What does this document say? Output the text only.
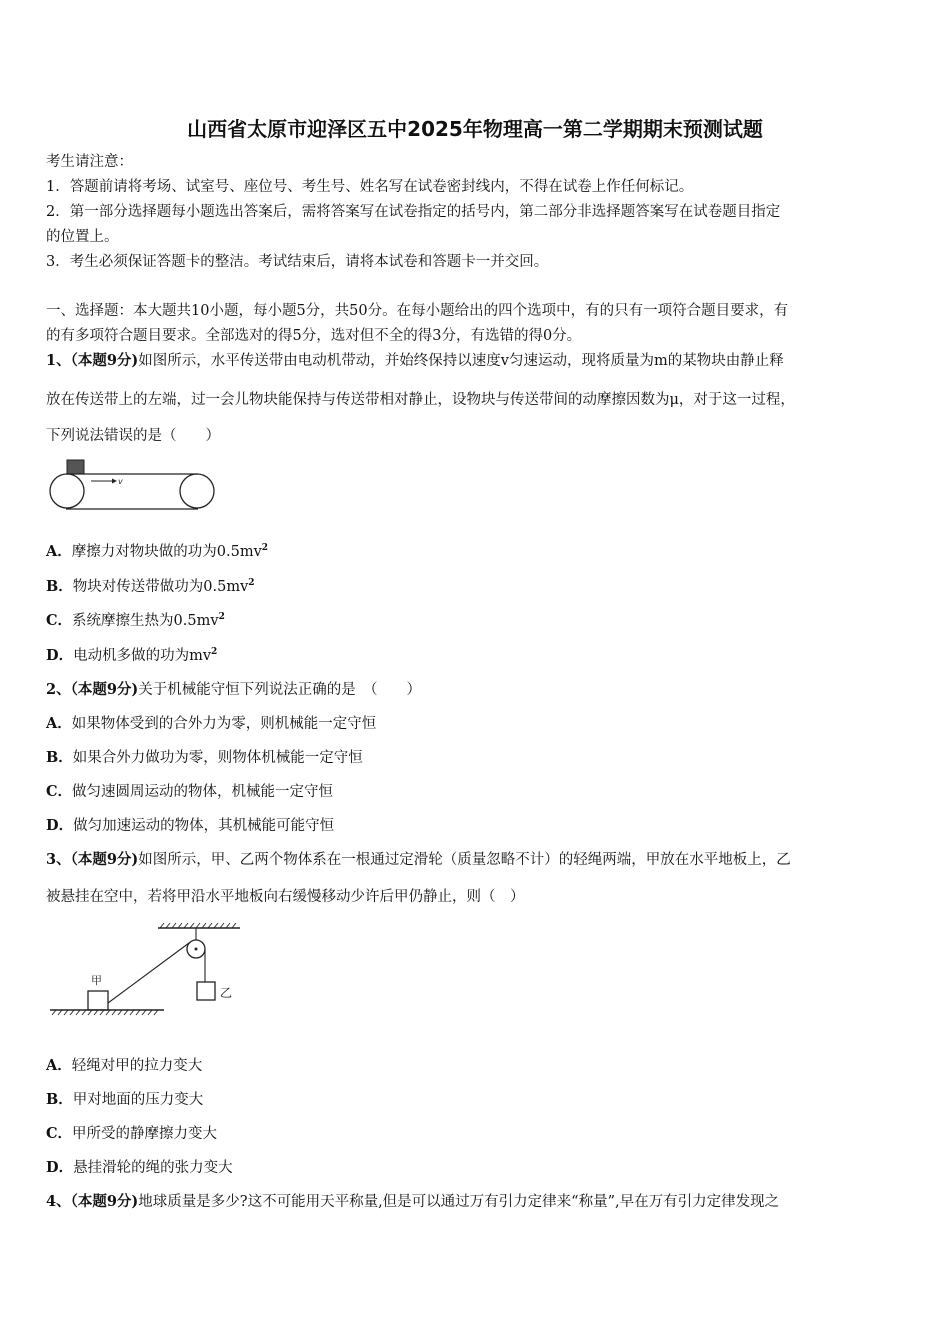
山西省太原市迎泽区五中2025年物理高一第二学期期末预测试题
考生请注意：
1．答题前请将考场、试室号、座位号、考生号、姓名写在试卷密封线内，不得在试卷上作任何标记。
2．第一部分选择题每小题选出答案后，需将答案写在试卷指定的括号内，第二部分非选择题答案写在试卷题目指定
的位置上。
3．考生必须保证答题卡的整洁。考试结束后，请将本试卷和答题卡一并交回。
一、选择题：本大题共10小题，每小题5分，共50分。在每小题给出的四个选项中，有的只有一项符合题目要求，有
的有多项符合题目要求。全部选对的得5分，选对但不全的得3分，有选错的得0分。
1、（本题9分)如图所示，水平传送带由电动机带动，并始终保持以速度v匀速运动，现将质量为m的某物块由静止释
放在传送带上的左端，过一会儿物块能保持与传送带相对静止，设物块与传送带间的动摩擦因数为μ，对于这一过程，
下列说法错误的是（　　）
v
A．摩擦力对物块做的功为$0.5mv^2$
B．物块对传送带做功为$0.5mv^2$
C．系统摩擦生热为$0.5mv^2$
D．电动机多做的功为$mv^2$
2、（本题9分)关于机械能守恒下列说法正确的是　（　　）
A．如果物体受到的合外力为零，则机械能一定守恒
B．如果合外力做功为零，则物体机械能一定守恒
C．做匀速圆周运动的物体，机械能一定守恒
D．做匀加速运动的物体，其机械能可能守恒
3、（本题9分)如图所示，甲、乙两个物体系在一根通过定滑轮（质量忽略不计）的轻绳两端，甲放在水平地板上，乙
被悬挂在空中，若将甲沿水平地板向右缓慢移动少许后甲仍静止，则（　）
乙
甲
A．轻绳对甲的拉力变大
B．甲对地面的压力变大
C．甲所受的静摩擦力变大
D．悬挂滑轮的绳的张力变大
4、（本题9分)地球质量是多少?这不可能用天平称量,但是可以通过万有引力定律来“称量”,早在万有引力定律发现之
